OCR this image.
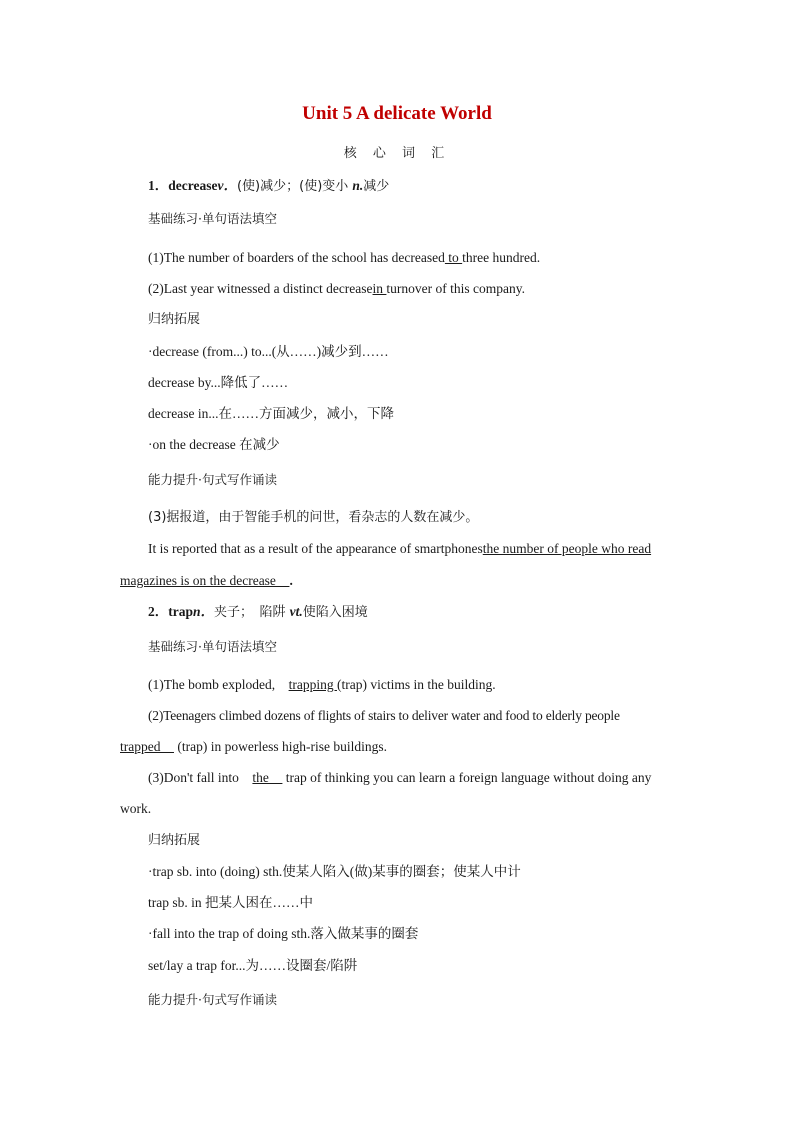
Unit 5 A delicate World
核 心 词 汇
1．decreasev．(使)减少；(使)变小 n.减少
基础练习·单句语法填空
(1)The number of boarders of the school has decreased to three hundred.
(2)Last year witnessed a distinct decreasein turnover of this company.
归纳拓展
·decrease (from...) to...(从……)减少到……
decrease by...降低了……
decrease in...在……方面减少，减小，下降
·on the decrease 在减少
能力提升·句式写作诵读
(3)据报道，由于智能手机的问世，看杂志的人数在减少。
It is reported that as a result of the appearance of smartphonesthe number of people who read
magazines is on the decrease　.
2．trapn．夹子；　陷阱 vt.使陷入困境
基础练习·单句语法填空
(1)The bomb exploded,　trapping (trap) victims in the building.
(2)Teenagers climbed dozens of flights of stairs to deliver water and food to elderly people
trapped　 (trap) in powerless high-rise buildings.
(3)Don't fall into　the　 trap of thinking you can learn a foreign language without doing any
work.
归纳拓展
·trap sb. into (doing) sth.使某人陷入(做)某事的圈套；使某人中计
trap sb. in 把某人困在……中
·fall into the trap of doing sth.落入做某事的圈套
set/lay a trap for...为……设圈套/陷阱
能力提升·句式写作诵读
